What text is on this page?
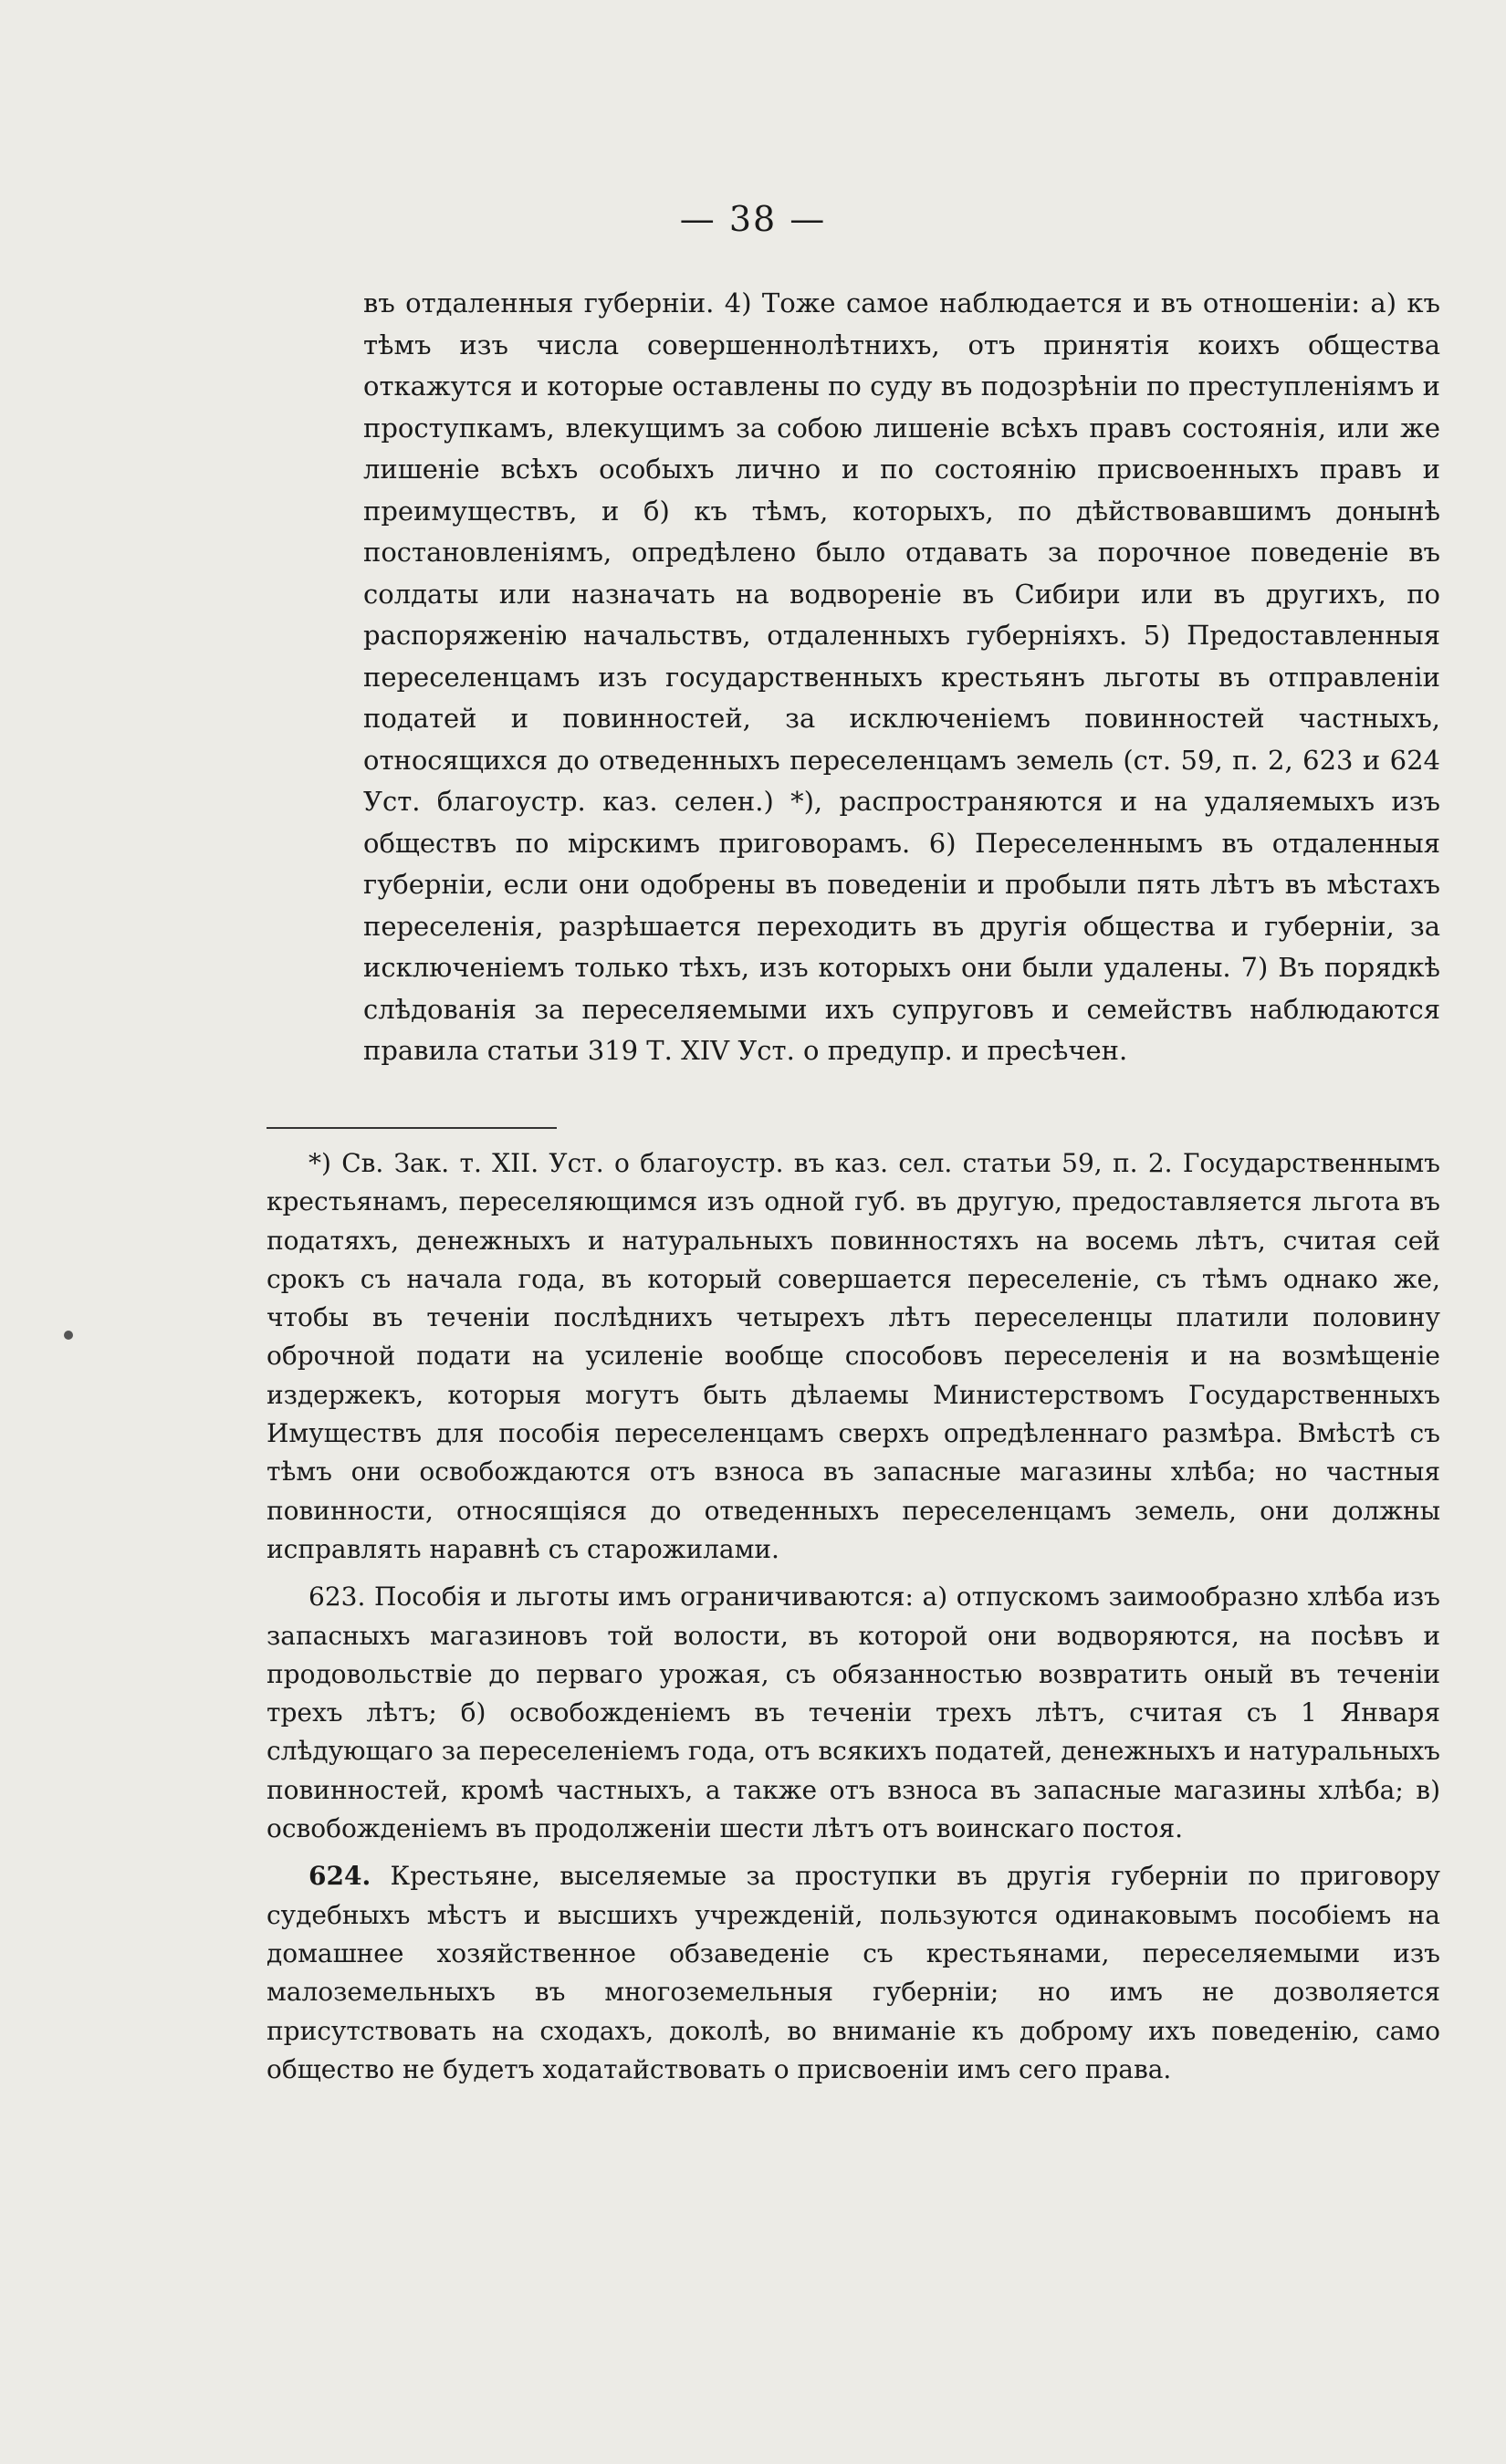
— 38 —

въ отдаленныя губерніи. 4) Тоже самое наблюдается и въ отношеніи: а) къ тѣмъ изъ числа совершеннолѣтнихъ, отъ принятія коихъ общества откажутся и которые оставлены по суду въ подозрѣніи по преступленіямъ и проступкамъ, влекущимъ за собою лишеніе всѣхъ правъ состоянія, или же лишеніе всѣхъ особыхъ лично и по состоянію присвоенныхъ правъ и преимуществъ, и б) къ тѣмъ, которыхъ, по дѣйствовавшимъ донынѣ постановленіямъ, опредѣлено было отдавать за порочное поведеніе въ солдаты или назначать на водвореніе въ Сибири или въ другихъ, по распоряженію начальствъ, отдаленныхъ губерніяхъ. 5) Предоставленныя переселенцамъ изъ государственныхъ крестьянъ льготы въ отправленіи податей и повинностей, за исключеніемъ повинностей частныхъ, относящихся до отведенныхъ переселенцамъ земель (ст. 59, п. 2, 623 и 624 Уст. благоустр. каз. селен.) *), распространяются и на удаляемыхъ изъ обществъ по мірскимъ приговорамъ. 6) Переселеннымъ въ отдаленныя губерніи, если они одобрены въ поведеніи и пробыли пять лѣтъ въ мѣстахъ переселенія, разрѣшается переходить въ другія общества и губерніи, за исключеніемъ только тѣхъ, изъ которыхъ они были удалены. 7) Въ порядкѣ слѣдованія за переселяемыми ихъ супруговъ и семействъ наблюдаются правила статьи 319 Т. XIV Уст. о предупр. и пресѣчен.

*) Св. Зак. т. XII. Уст. о благоустр. въ каз. сел. статьи 59, п. 2. Государственнымъ крестьянамъ, переселяющимся изъ одной губ. въ другую, предоставляется льгота въ податяхъ, денежныхъ и натуральныхъ повинностяхъ на восемь лѣтъ, считая сей срокъ съ начала года, въ который совершается переселеніе, съ тѣмъ однако же, чтобы въ течeніи послѣднихъ четырехъ лѣтъ переселенцы платили половину оброчной подати на усиленіе вообще способовъ переселенія и на возмѣщеніе издержекъ, которыя могутъ быть дѣлаемы Министерствомъ Государственныхъ Имуществъ для пособія переселенцамъ сверхъ опредѣленнаго размѣра. Вмѣстѣ съ тѣмъ они освобождаются отъ взноса въ запасные магазины хлѣба; но частныя повинности, относящіяся до отведенныхъ переселенцамъ земель, они должны исправлять наравнѣ съ старожилами.

623. Пособія и льготы имъ ограничиваются: а) отпускомъ заимообразно хлѣба изъ запасныхъ магазиновъ той волости, въ которой они водворяются, на посѣвъ и продовольствіе до перваго урожая, съ обязанностью возвратить оный въ теченіи трехъ лѣтъ; б) освобожденіемъ въ теченіи трехъ лѣтъ, считая съ 1 Января слѣдующаго за переселеніемъ года, отъ всякихъ податей, денежныхъ и натуральныхъ повинностей, кромѣ частныхъ, а также отъ взноса въ запасные магазины хлѣба; в) освобожденіемъ въ продолженіи шести лѣтъ отъ воинскаго постоя.

624. Крестьяне, выселяемые за проступки въ другія губерніи по приговору судебныхъ мѣстъ и высшихъ учрежденій, пользуются одинаковымъ пособіемъ на домашнее хозяйственное обзаведеніе съ крестьянами, переселяемыми изъ малоземельныхъ въ многоземельныя губерніи; но имъ не дозволяется присутствовать на сходахъ, доколѣ, во вниманіе къ доброму ихъ поведенію, само общество не будетъ ходатайствовать о присвоеніи имъ сего права.
